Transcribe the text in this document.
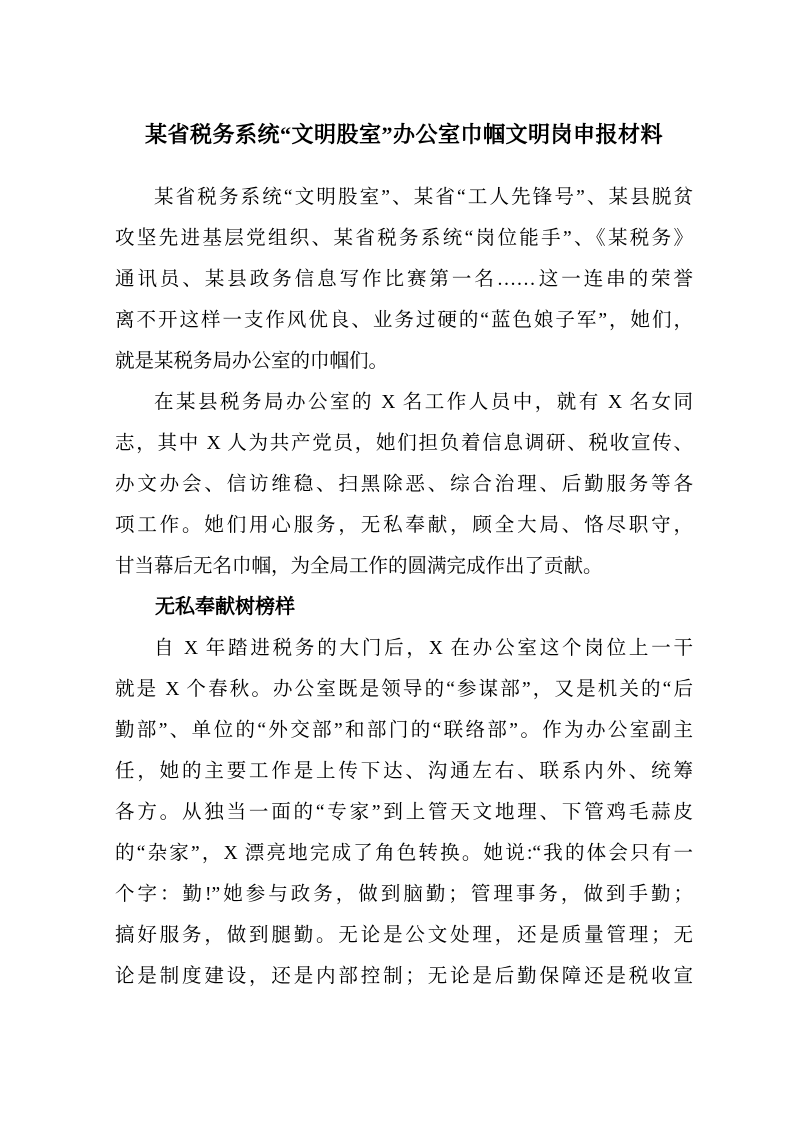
某省税务系统“文明股室”办公室巾帼文明岗申报材料
某省税务系统“文明股室”、某省“工人先锋号”、某县脱贫
攻坚先进基层党组织、某省税务系统“岗位能手”、《某税务》
通讯员、某县政务信息写作比赛第一名……这一连串的荣誉
离不开这样一支作风优良、业务过硬的“蓝色娘子军”，她们，
就是某税务局办公室的巾帼们。
在某县税务局办公室的 X 名工作人员中，就有 X 名女同
志，其中 X 人为共产党员，她们担负着信息调研、税收宣传、
办文办会、信访维稳、扫黑除恶、综合治理、后勤服务等各
项工作。她们用心服务，无私奉献，顾全大局、恪尽职守，
甘当幕后无名巾帼，为全局工作的圆满完成作出了贡献。
无私奉献树榜样
自 X 年踏进税务的大门后，X 在办公室这个岗位上一干
就是 X 个春秋。办公室既是领导的“参谋部”，又是机关的“后
勤部”、单位的“外交部”和部门的“联络部”。作为办公室副主
任，她的主要工作是上传下达、沟通左右、联系内外、统筹
各方。从独当一面的“专家”到上管天文地理、下管鸡毛蒜皮
的“杂家”，X 漂亮地完成了角色转换。她说:“我的体会只有一
个字：勤!”她参与政务，做到脑勤；管理事务，做到手勤；
搞好服务，做到腿勤。无论是公文处理，还是质量管理；无
论是制度建设，还是内部控制；无论是后勤保障还是税收宣
